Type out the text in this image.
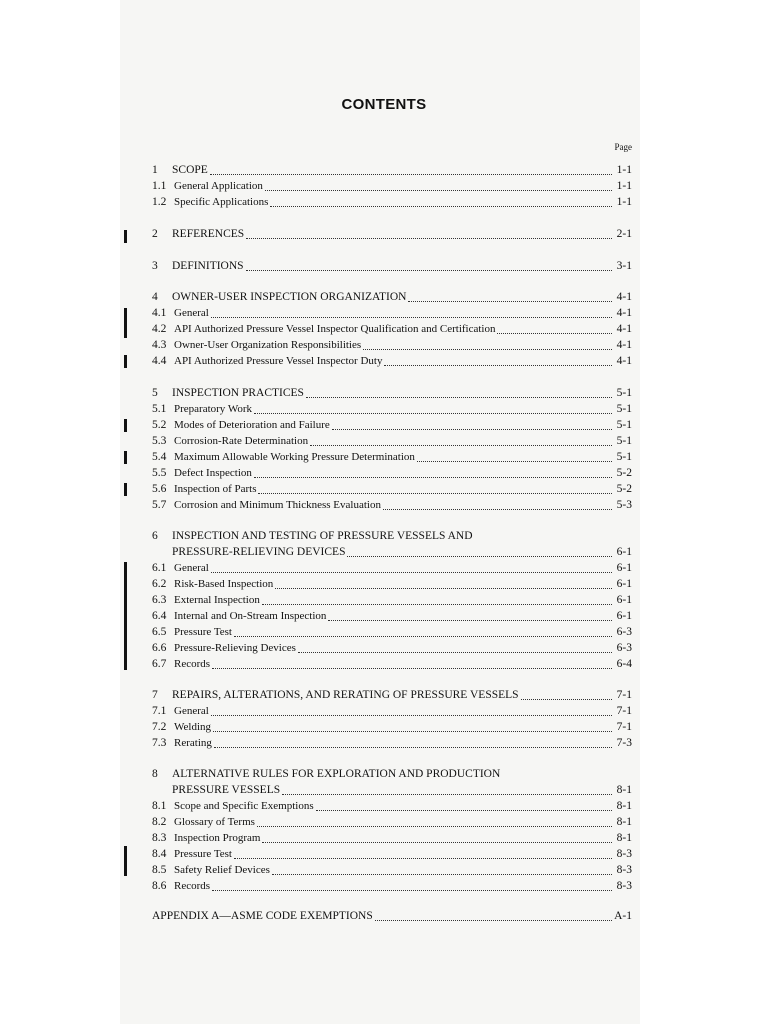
CONTENTS
Page
1	SCOPE	1-1
1.1 General Application	1-1
1.2 Specific Applications	1-1
2	REFERENCES	2-1
3	DEFINITIONS	3-1
4	OWNER-USER INSPECTION ORGANIZATION	4-1
4.1 General	4-1
4.2 API Authorized Pressure Vessel Inspector Qualification and Certification	4-1
4.3 Owner-User Organization Responsibilities	4-1
4.4 API Authorized Pressure Vessel Inspector Duty	4-1
5	INSPECTION PRACTICES	5-1
5.1 Preparatory Work	5-1
5.2 Modes of Deterioration and Failure	5-1
5.3 Corrosion-Rate Determination	5-1
5.4 Maximum Allowable Working Pressure Determination	5-1
5.5 Defect Inspection	5-2
5.6 Inspection of Parts	5-2
5.7 Corrosion and Minimum Thickness Evaluation	5-3
6	INSPECTION AND TESTING OF PRESSURE VESSELS AND
PRESSURE-RELIEVING DEVICES	6-1
6.1 General	6-1
6.2 Risk-Based Inspection	6-1
6.3 External Inspection	6-1
6.4 Internal and On-Stream Inspection	6-1
6.5 Pressure Test	6-3
6.6 Pressure-Relieving Devices	6-3
6.7 Records	6-4
7	REPAIRS, ALTERATIONS, AND RERATING OF PRESSURE VESSELS	7-1
7.1 General	7-1
7.2 Welding	7-1
7.3 Rerating	7-3
8	ALTERNATIVE RULES FOR EXPLORATION AND PRODUCTION
PRESSURE VESSELS	8-1
8.1 Scope and Specific Exemptions	8-1
8.2 Glossary of Terms	8-1
8.3 Inspection Program	8-1
8.4 Pressure Test	8-3
8.5 Safety Relief Devices	8-3
8.6 Records	8-3
APPENDIX A—ASME CODE EXEMPTIONS	A-1
